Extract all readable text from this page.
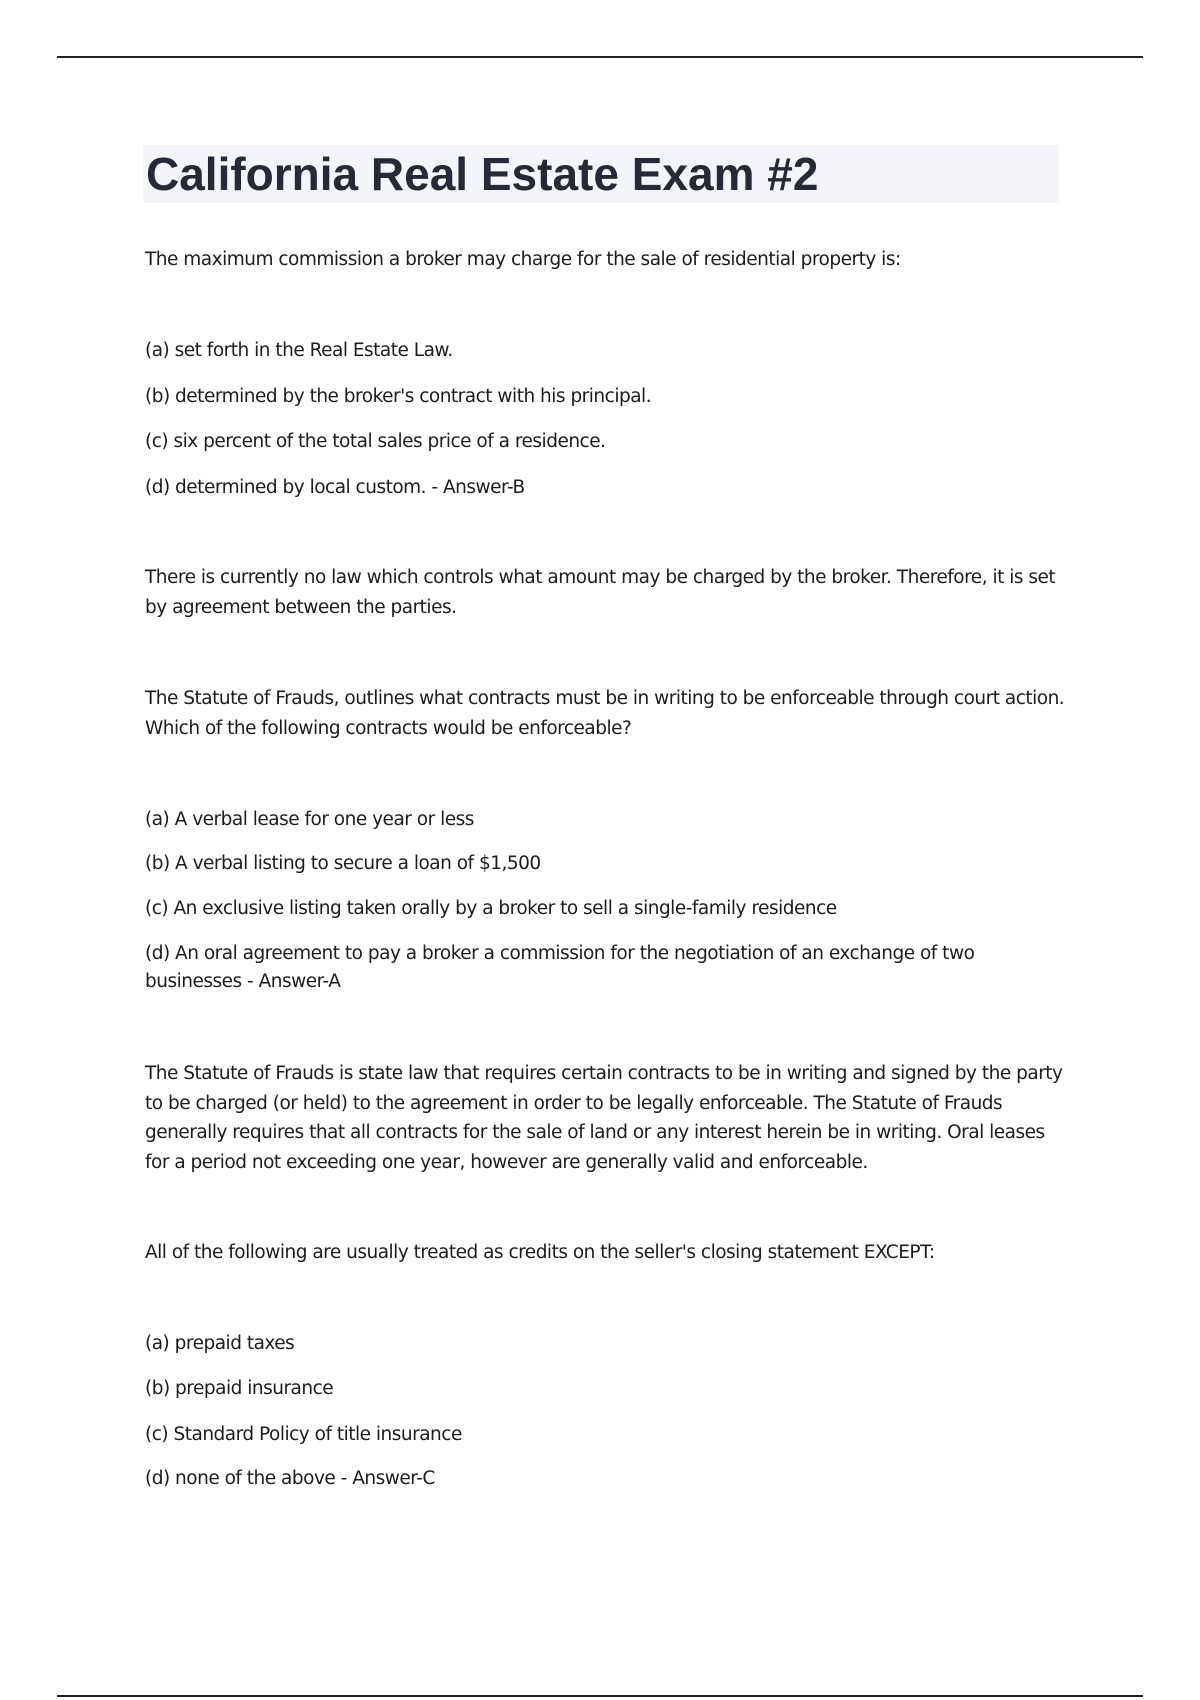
California Real Estate Exam #2

The maximum commission a broker may charge for the sale of residential property is:

(a) set forth in the Real Estate Law.

(b) determined by the broker's contract with his principal.

(c) six percent of the total sales price of a residence.

(d) determined by local custom. - Answer-B

There is currently no law which controls what amount may be charged by the broker. Therefore, it is set by agreement between the parties.

The Statute of Frauds, outlines what contracts must be in writing to be enforceable through court action. Which of the following contracts would be enforceable?

(a) A verbal lease for one year or less

(b) A verbal listing to secure a loan of $1,500

(c) An exclusive listing taken orally by a broker to sell a single-family residence

(d) An oral agreement to pay a broker a commission for the negotiation of an exchange of two businesses - Answer-A

The Statute of Frauds is state law that requires certain contracts to be in writing and signed by the party to be charged (or held) to the agreement in order to be legally enforceable. The Statute of Frauds generally requires that all contracts for the sale of land or any interest herein be in writing. Oral leases for a period not exceeding one year, however are generally valid and enforceable.

All of the following are usually treated as credits on the seller's closing statement EXCEPT:

(a) prepaid taxes

(b) prepaid insurance

(c) Standard Policy of title insurance

(d) none of the above - Answer-C
